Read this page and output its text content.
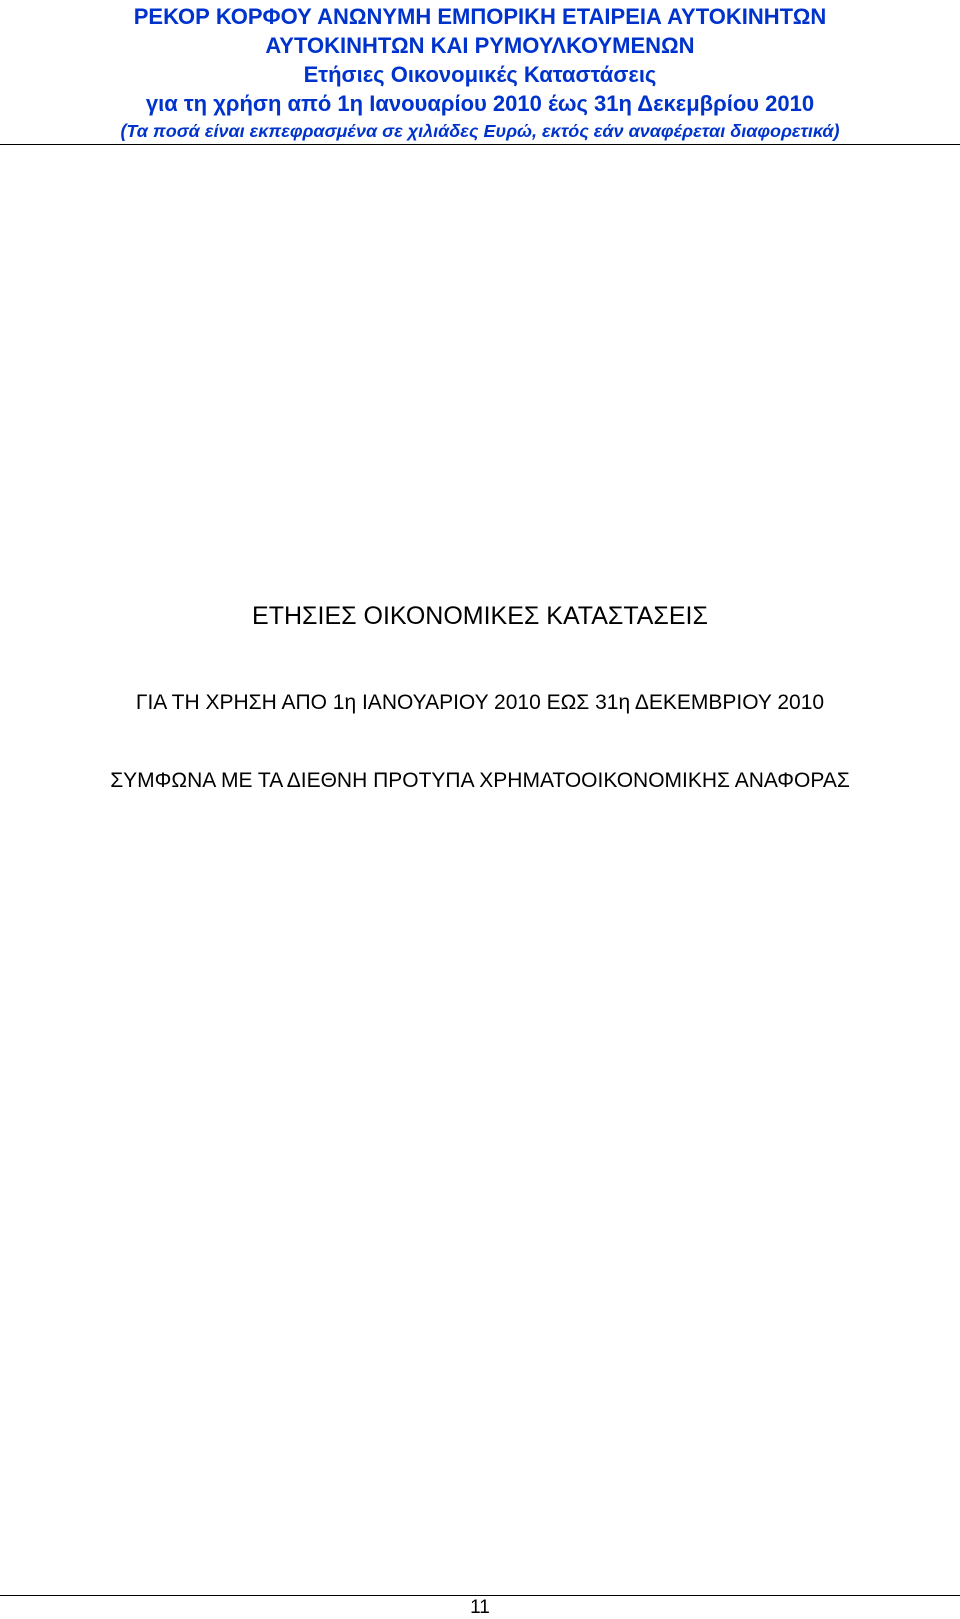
ΡΕΚΟΡ ΚΟΡΦΟΥ ΑΝΩΝΥΜΗ ΕΜΠΟΡΙΚΗ ΕΤΑΙΡΕΙΑ ΑΥΤΟΚΙΝΗΤΩΝ
ΑΥΤΟΚΙΝΗΤΩΝ ΚΑΙ ΡΥΜΟΥΛΚΟΥΜΕΝΩΝ
Ετήσιες Οικονομικές Καταστάσεις
για τη χρήση από 1η Ιανουαρίου 2010 έως 31η Δεκεμβρίου 2010
(Τα ποσά είναι εκπεφρασμένα σε χιλιάδες Ευρώ, εκτός εάν αναφέρεται διαφορετικά)
ΕΤΗΣΙΕΣ ΟΙΚΟΝΟΜΙΚΕΣ ΚΑΤΑΣΤΑΣΕΙΣ
ΓΙΑ ΤΗ ΧΡΗΣΗ ΑΠΟ 1η ΙΑΝΟΥΑΡΙΟΥ 2010 ΕΩΣ 31η ΔΕΚΕΜΒΡΙΟΥ 2010
ΣΥΜΦΩΝΑ ΜΕ ΤΑ ΔΙΕΘΝΗ ΠΡΟΤΥΠΑ ΧΡΗΜΑΤΟΟΙΚΟΝΟΜΙΚΗΣ ΑΝΑΦΟΡΑΣ
11
